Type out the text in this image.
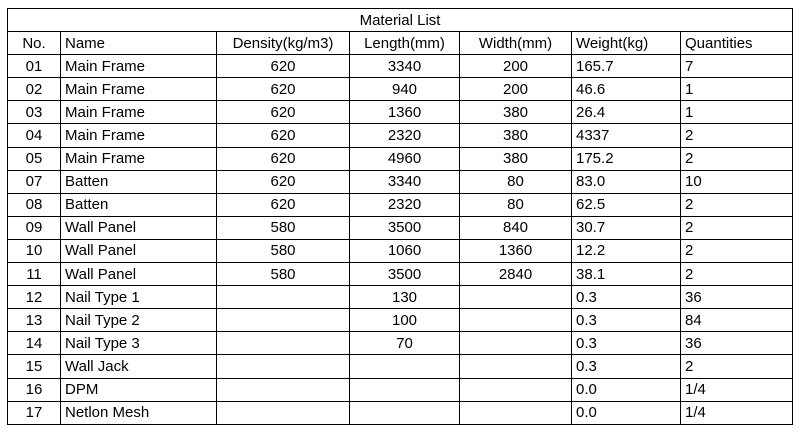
Material List						
No.	Name	Density(kg/m3)	Length(mm)	Width(mm)	Weight(kg)	Quantities
01	Main Frame	620	3340	200	165.7	7
02	Main Frame	620	940	200	46.6	1
03	Main Frame	620	1360	380	26.4	1
04	Main Frame	620	2320	380	4337	2
05	Main Frame	620	4960	380	175.2	2
07	Batten	620	3340	80	83.0	10
08	Batten	620	2320	80	62.5	2
09	Wall Panel	580	3500	840	30.7	2
10	Wall Panel	580	1060	1360	12.2	2
11	Wall Panel	580	3500	2840	38.1	2
12	Nail Type 1		130		0.3	36
13	Nail Type 2		100		0.3	84
14	Nail Type 3		70		0.3	36
15	Wall Jack				0.3	2
16	DPM				0.0	1/4
17	Netlon Mesh				0.0	1/4
